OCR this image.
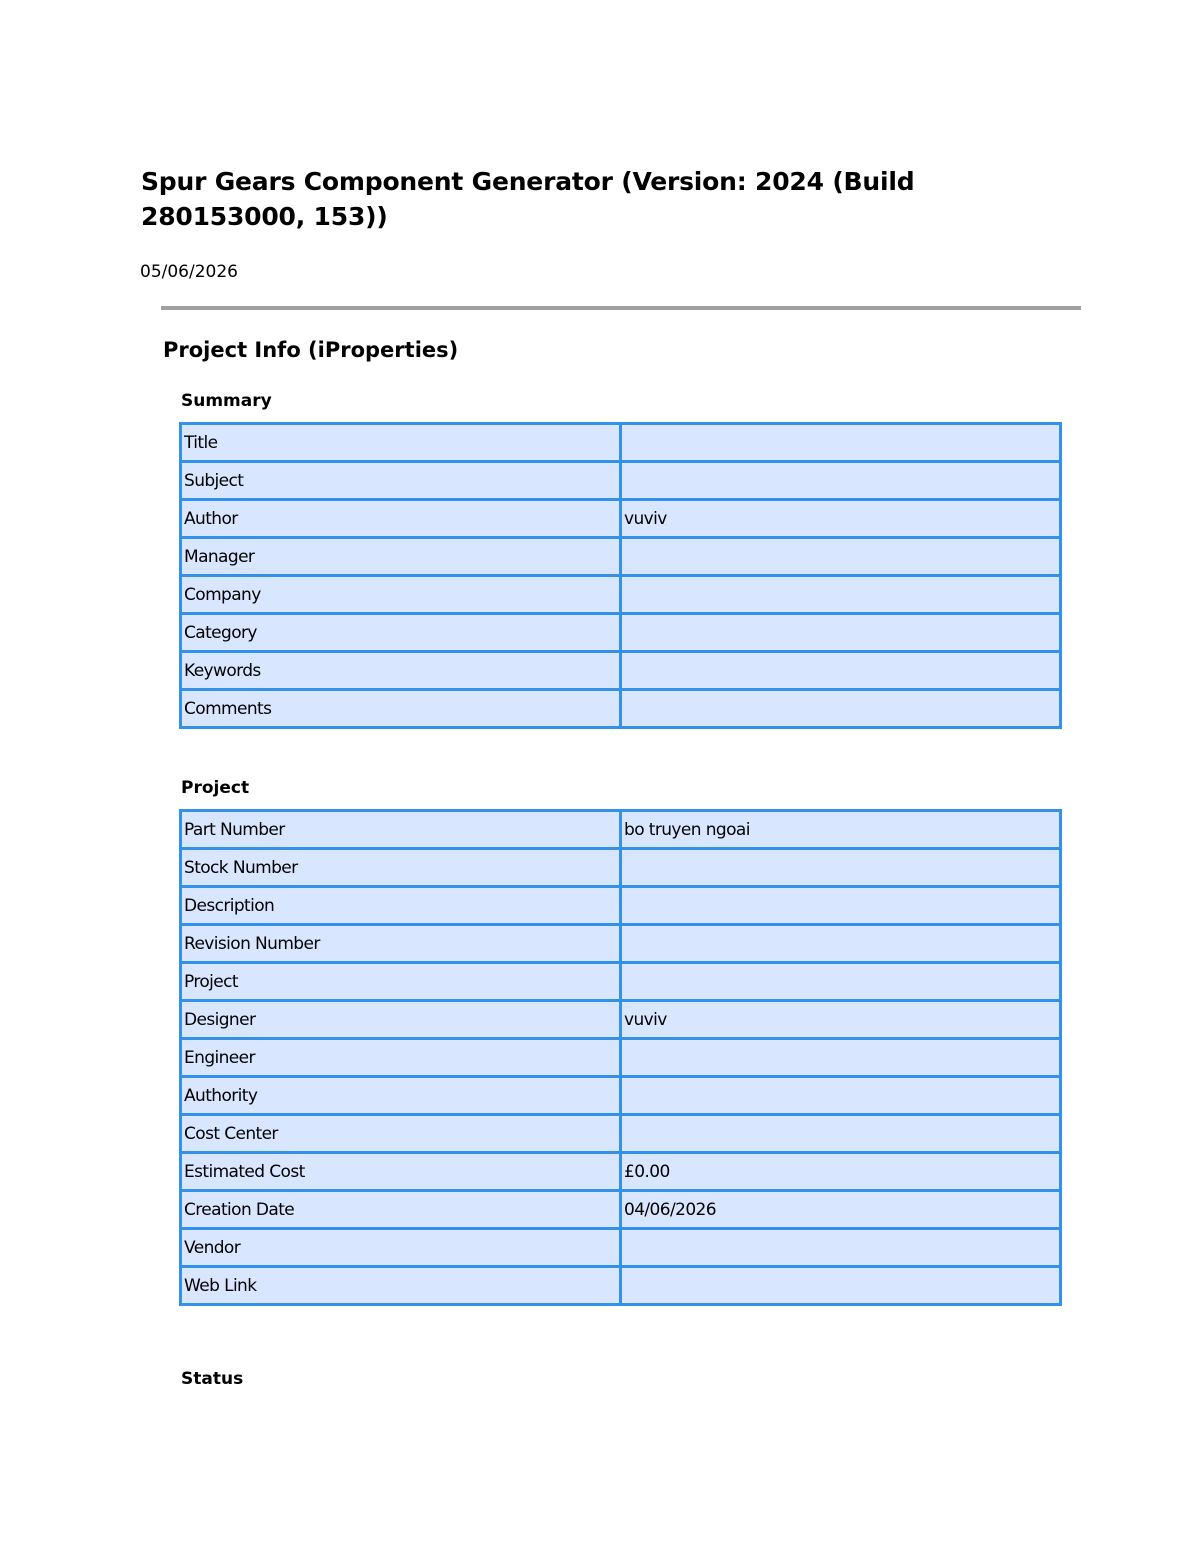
Spur Gears Component Generator (Version: 2024 (Build 280153000, 153))
05/06/2026
Project Info (iProperties)
Summary
Title	
Subject	
Author	vuviv
Manager	
Company	
Category	
Keywords	
Comments	
Project
Part Number	bo truyen ngoai
Stock Number	
Description	
Revision Number	
Project	
Designer	vuviv
Engineer	
Authority	
Cost Center	
Estimated Cost	£0.00
Creation Date	04/06/2026
Vendor	
Web Link	
Status
